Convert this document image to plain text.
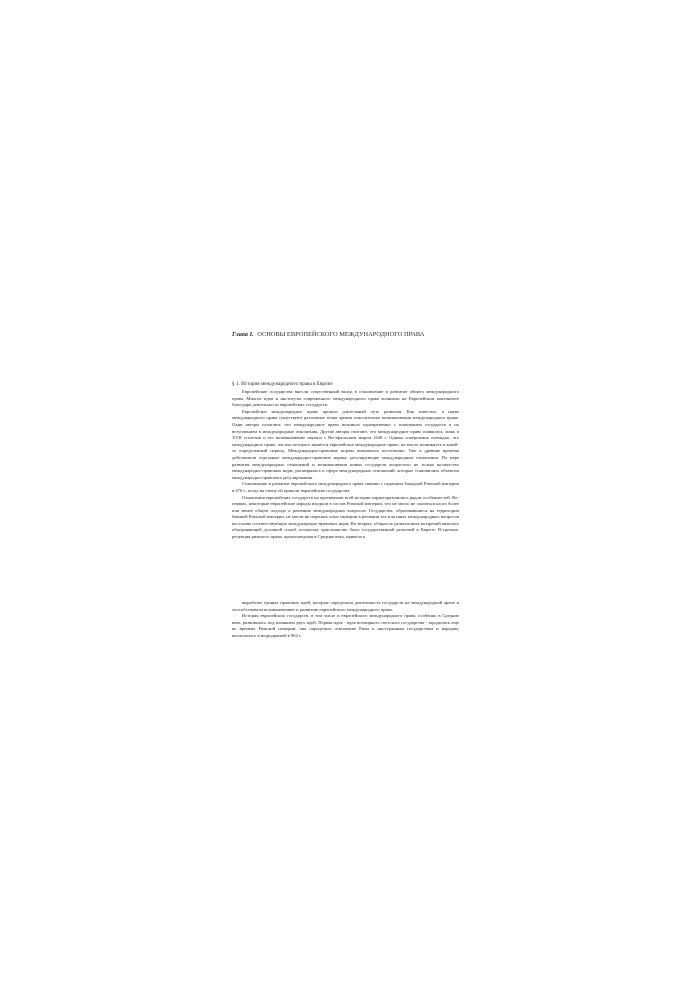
Глава I. ОСНОВЫ ЕВРОПЕЙСКОГО МЕЖДУНАРОДНОГО ПРАВА
§ 1. История международного права в Европе

Европейские государства внесли существенный вклад в становление и развитие общего международного права. Многие идеи и институты современного международного права возникли на Европейском континенте благодаря деятельности европейских государств.

Европейское международное право прошло длительный путь развития. Как известно, в науке международного права существуют различные точки зрения относительно возникновения международного права. Одни авторы полагают, что международное право возникло одновременно с появлением государств и их вступлением в международные отношения. Другие авторы считают, что международное право появилось лишь в XVII столетии и его возникновение связано с Вестфальским миром 1648 г. Однако совершенно очевидно, что международное право, частью которого является европейское международное право, не могло возникнуть в какой-то определенный период. Международно-правовые нормы появлялись постепенно. Уже в древние времена действовали отдельные международно-правовые нормы, регулирующие международные отношения. По мере развития международных отношений и возникновения новых государств возрастало не только количество международно-правовых норм, расширялась и сфера международных отношений, которые становились объектом международно-правового регулирования.

Становление и развитие европейского международного права связано с падением Западной Римской империи в 476 г., когда на смену ей пришли европейские государства.

Отношения европейских государств на протяжении всей истории характеризовались рядом особенностей. Во-первых, некоторые европейские народы входили в состав Римской империи, что не могло не сказаться на их более или менее общем подходе к решению международных вопросов. Государства, образовавшиеся на территории бывшей Римской империи, не могли не перенять опыт империи в решении тех или иных международных вопросов на основе соответствующих международно-правовых норм. Во-вторых, общность религиозных воззрений являлась объединяющей духовной силой, поскольку христианство было государственной религией в Европе. В-третьих, рецепция римского права, произошедшая в Средние века, привела к

выработке единых правовых идей, которые определяли деятельность государств на международной арене и способствовали возникновению и развитию европейского международного права.

История европейских государств, в том числе и европейского международного права, особенно в Средние века, развивалась под влиянием двух идей. Первая идея - идея всемирного светского государства - зародилась еще во времена Римской империи, она определяла отношение Рима к иностранным государствам и народам, воплотилась в возродившей в 962 г.
